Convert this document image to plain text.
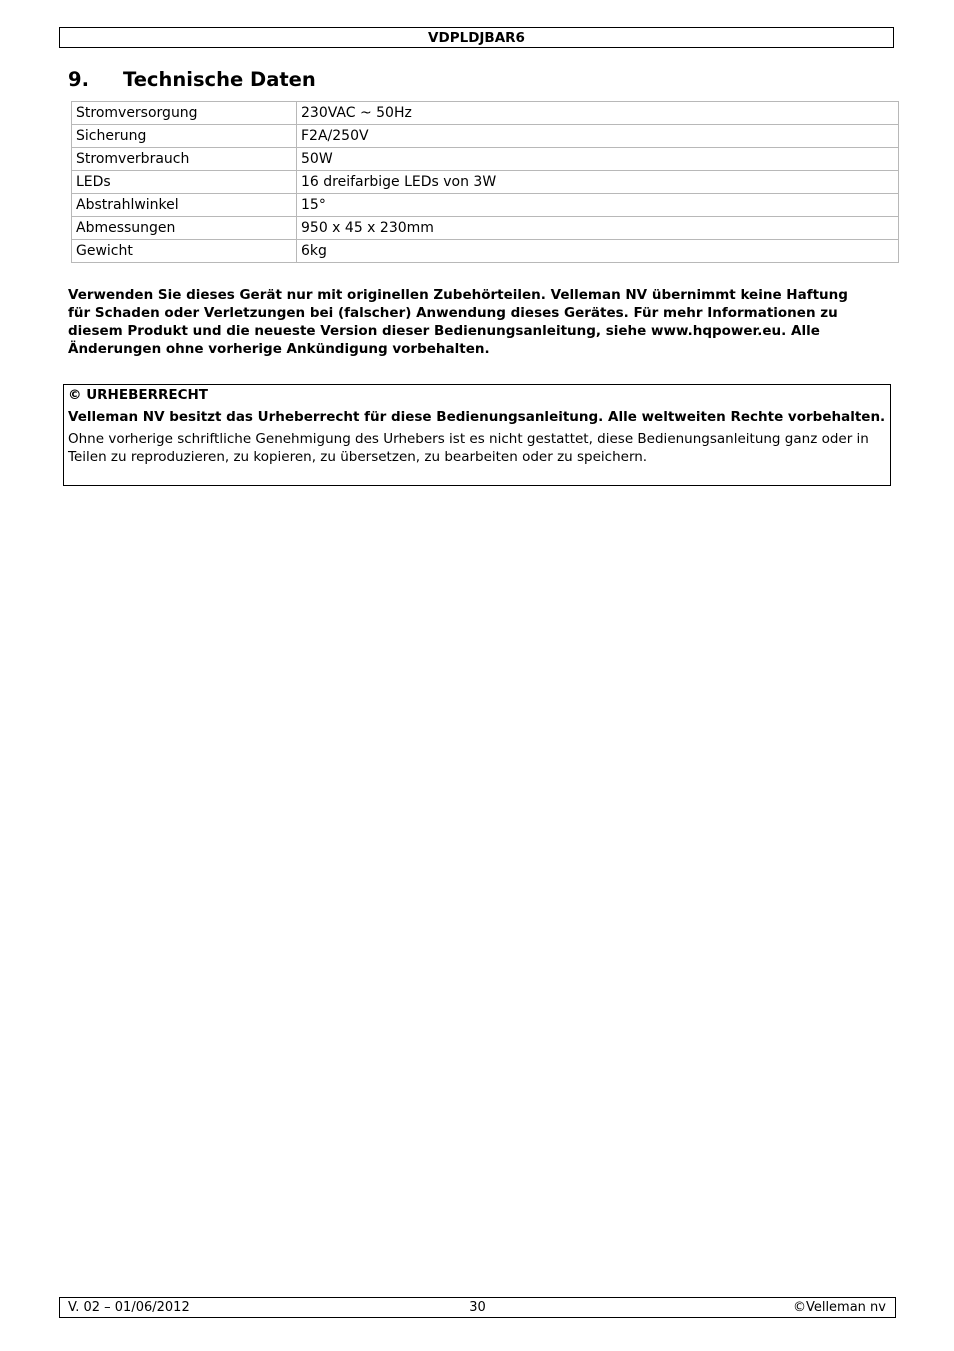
VDPLDJBAR6
9. Technische Daten
Stromversorgung	230VAC ~ 50Hz
Sicherung	F2A/250V
Stromverbrauch	50W
LEDs	16 dreifarbige LEDs von 3W
Abstrahlwinkel	15°
Abmessungen	950 x 45 x 230mm
Gewicht	6kg
Verwenden Sie dieses Gerät nur mit originellen Zubehörteilen. Velleman NV übernimmt keine Haftung für Schaden oder Verletzungen bei (falscher) Anwendung dieses Gerätes. Für mehr Informationen zu diesem Produkt und die neueste Version dieser Bedienungsanleitung, siehe www.hqpower.eu. Alle Änderungen ohne vorherige Ankündigung vorbehalten.
© URHEBERRECHT
Velleman NV besitzt das Urheberrecht für diese Bedienungsanleitung. Alle weltweiten Rechte vorbehalten.
Ohne vorherige schriftliche Genehmigung des Urhebers ist es nicht gestattet, diese Bedienungsanleitung ganz oder in Teilen zu reproduzieren, zu kopieren, zu übersetzen, zu bearbeiten oder zu speichern.
V. 02 – 01/06/2012	30	©Velleman nv
